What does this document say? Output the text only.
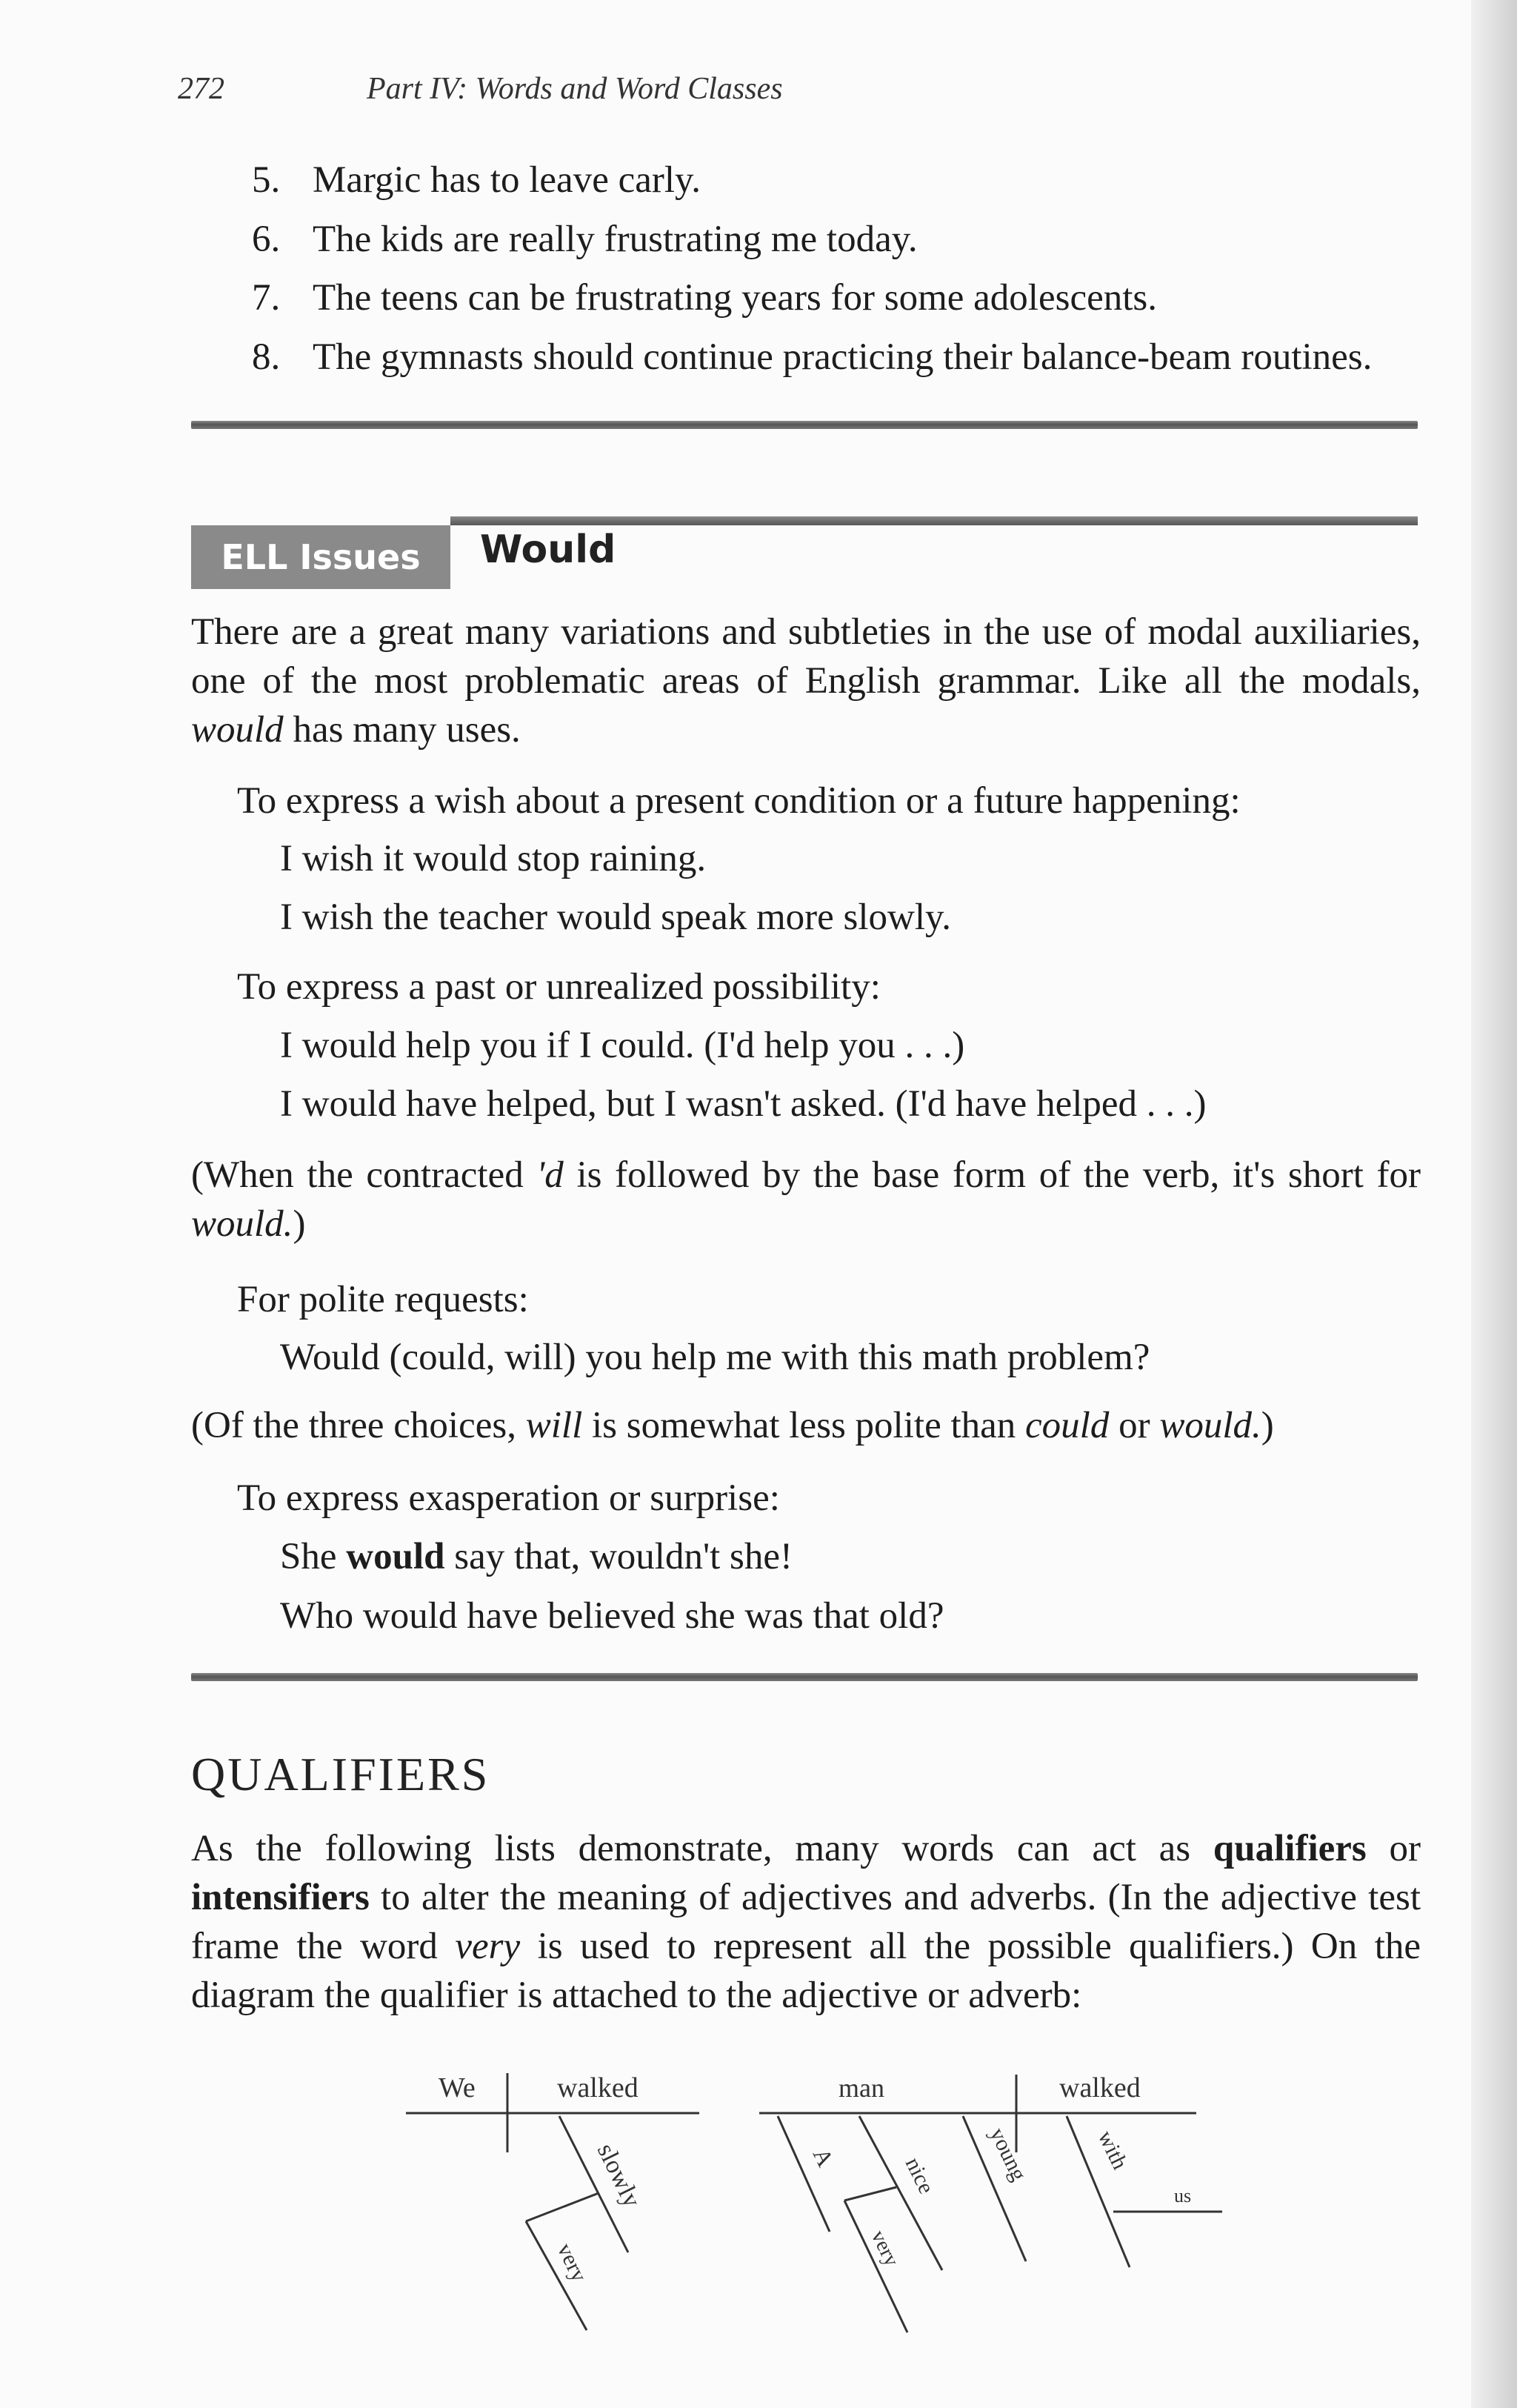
272	Part IV: Words and Word Classes
5. Margic has to leave carly.
6. The kids are really frustrating me today.
7. The teens can be frustrating years for some adolescents.
8. The gymnasts should continue practicing their balance-beam routines.
ELL Issues	Would
There are a great many variations and subtleties in the use of modal auxiliaries, one of the most problematic areas of English grammar. Like all the modals, would has many uses.
To express a wish about a present condition or a future happening:
I wish it would stop raining.
I wish the teacher would speak more slowly.
To express a past or unrealized possibility:
I would help you if I could. (I'd help you . . .)
I would have helped, but I wasn't asked. (I'd have helped . . .)
(When the contracted 'd is followed by the base form of the verb, it's short for would.)
For polite requests:
Would (could, will) you help me with this math problem?
(Of the three choices, will is somewhat less polite than could or would.)
To express exasperation or surprise:
She would say that, wouldn't she!
Who would have believed she was that old?
QUALIFIERS
As the following lists demonstrate, many words can act as qualifiers or intensifiers to alter the meaning of adjectives and adverbs. (In the adjective test frame the word very is used to represent all the possible qualifiers.) On the diagram the qualifier is attached to the adjective or adverb:
We	walked
slowly
very
man	walked
A	nice young
very
with
us
